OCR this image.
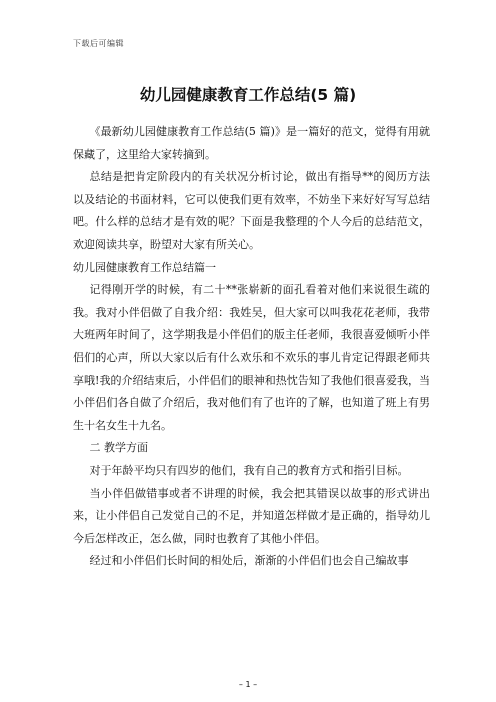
下载后可编辑
幼儿园健康教育工作总结(5 篇)

《最新幼儿园健康教育工作总结(5 篇)》是一篇好的范文，觉得有用就保藏了，这里给大家转摘到。

总结是把肯定阶段内的有关状况分析讨论，做出有指导**的阅历方法以及结论的书面材料，它可以使我们更有效率，不妨坐下来好好写写总结吧。什么样的总结才是有效的呢？下面是我整理的个人今后的总结范文，欢迎阅读共享，盼望对大家有所关心。

幼儿园健康教育工作总结篇一

记得刚开学的时候，有二十**张崭新的面孔看着对他们来说很生疏的我。我对小伴侣做了自我介绍：我姓吴，但大家可以叫我花花老师，我带大班两年时间了，这学期我是小伴侣们的版主任老师，我很喜爱倾听小伴侣们的心声，所以大家以后有什么欢乐和不欢乐的事儿肯定记得跟老师共享哦!我的介绍结束后，小伴侣们的眼神和热忱告知了我他们很喜爱我，当小伴侣们各自做了介绍后，我对他们有了也许的了解，也知道了班上有男生十名女生十九名。

二 教学方面

对于年龄平均只有四岁的他们，我有自己的教育方式和指引目标。

当小伴侣做错事或者不讲理的时候，我会把其错误以故事的形式讲出来，让小伴侣自己发觉自己的不足，并知道怎样做才是正确的，指导幼儿今后怎样改正，怎么做，同时也教育了其他小伴侣。

经过和小伴侣们长时间的相处后，渐渐的小伴侣们也会自己编故事

– 1 –
